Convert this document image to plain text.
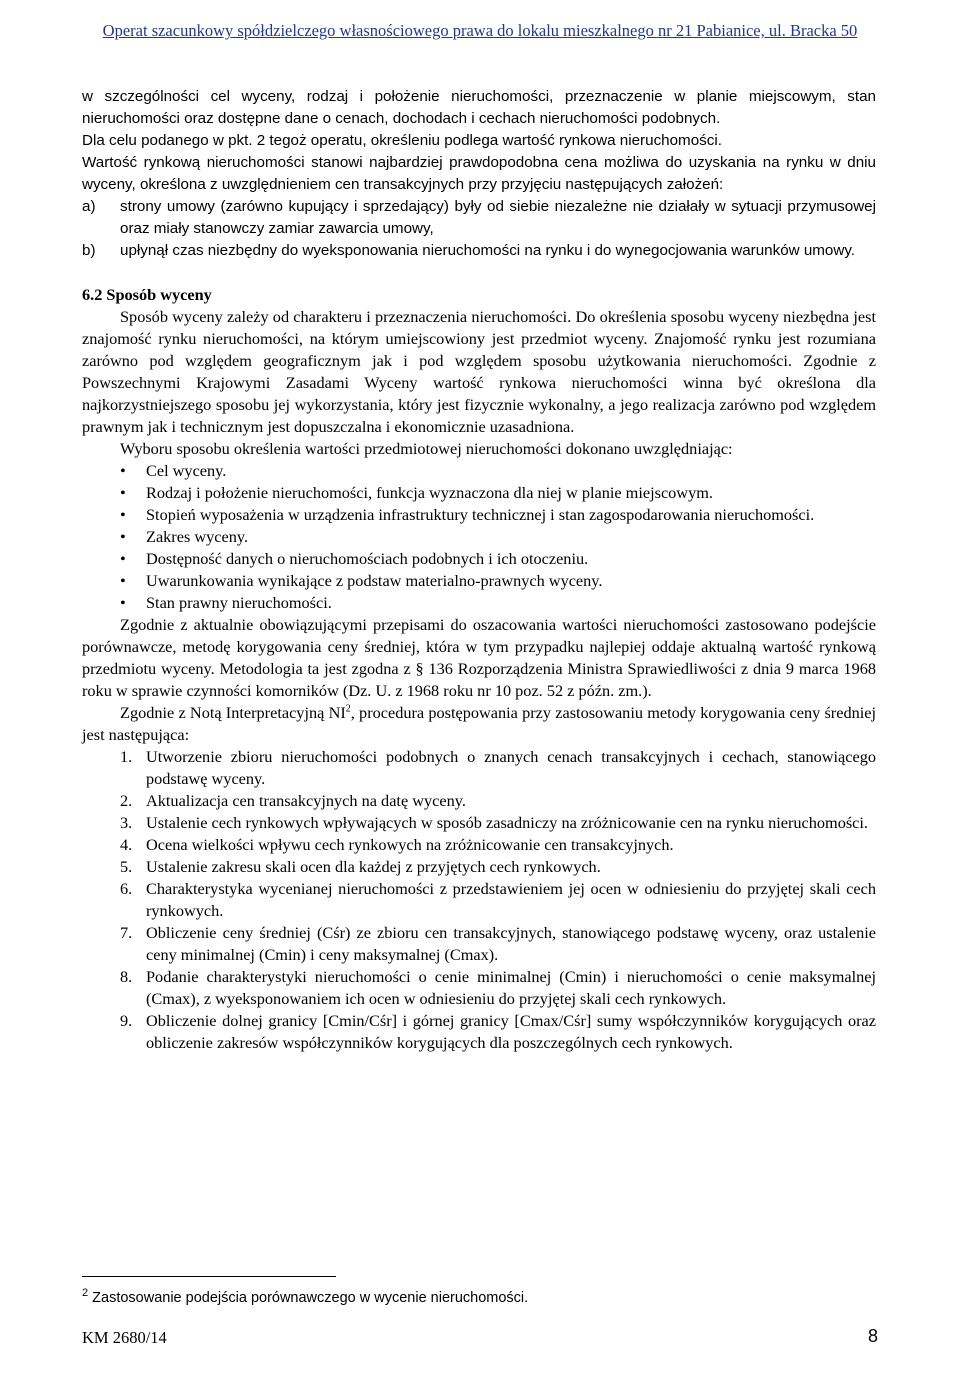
Operat szacunkowy spółdzielczego własnościowego prawa do lokalu mieszkalnego nr 21 Pabianice, ul. Bracka 50

w szczególności cel wyceny, rodzaj i położenie nieruchomości, przeznaczenie w planie miejscowym, stan nieruchomości oraz dostępne dane o cenach, dochodach i cechach nieruchomości podobnych.

Dla celu podanego w pkt. 2 tegoż operatu, określeniu podlega wartość rynkowa nieruchomości.

Wartość rynkową nieruchomości stanowi najbardziej prawdopodobna cena możliwa do uzyskania na rynku w dniu wyceny, określona z uwzględnieniem cen transakcyjnych przy przyjęciu następujących założeń:

a)	strony umowy (zarówno kupujący i sprzedający) były od siebie niezależne nie działały w sytuacji przymusowej oraz miały stanowczy zamiar zawarcia umowy,
b)	upłynął czas niezbędny do wyeksponowania nieruchomości na rynku i do wynegocjowania warunków umowy.

6.2 Sposób wyceny

Sposób wyceny zależy od charakteru i przeznaczenia nieruchomości. Do określenia sposobu wyceny niezbędna jest znajomość rynku nieruchomości, na którym umiejscowiony jest przedmiot wyceny. Znajomość rynku jest rozumiana zarówno pod względem geograficznym jak i pod względem sposobu użytkowania nieruchomości. Zgodnie z Powszechnymi Krajowymi Zasadami Wyceny wartość rynkowa nieruchomości winna być określona dla najkorzystniejszego sposobu jej wykorzystania, który jest fizycznie wykonalny, a jego realizacja zarówno pod względem prawnym jak i technicznym jest dopuszczalna i ekonomicznie uzasadniona.

Wyboru sposobu określenia wartości przedmiotowej nieruchomości dokonano uwzględniając:

•	Cel wyceny.
•	Rodzaj i położenie nieruchomości, funkcja wyznaczona dla niej w planie miejscowym.
•	Stopień wyposażenia w urządzenia infrastruktury technicznej i stan zagospodarowania nieruchomości.
•	Zakres wyceny.
•	Dostępność danych o nieruchomościach podobnych i ich otoczeniu.
•	Uwarunkowania wynikające z podstaw materialno-prawnych wyceny.
•	Stan prawny nieruchomości.

Zgodnie z aktualnie obowiązującymi przepisami do oszacowania wartości nieruchomości zastosowano podejście porównawcze, metodę korygowania ceny średniej, która w tym przypadku najlepiej oddaje aktualną wartość rynkową przedmiotu wyceny. Metodologia ta jest zgodna z § 136 Rozporządzenia Ministra Sprawiedliwości z dnia 9 marca 1968 roku w sprawie czynności komorników (Dz. U. z 1968 roku nr 10 poz. 52 z późn. zm.).

Zgodnie z Notą Interpretacyjną $NI^2$, procedura postępowania przy zastosowaniu metody korygowania ceny średniej jest następująca:

1. Utworzenie zbioru nieruchomości podobnych o znanych cenach transakcyjnych i cechach, stanowiącego podstawę wyceny.
2. Aktualizacja cen transakcyjnych na datę wyceny.
3. Ustalenie cech rynkowych wpływających w sposób zasadniczy na zróżnicowanie cen na rynku nieruchomości.
4. Ocena wielkości wpływu cech rynkowych na zróżnicowanie cen transakcyjnych.
5. Ustalenie zakresu skali ocen dla każdej z przyjętych cech rynkowych.
6. Charakterystyka wycenianej nieruchomości z przedstawieniem jej ocen w odniesieniu do przyjętej skali cech rynkowych.
7. Obliczenie ceny średniej (Cśr) ze zbioru cen transakcyjnych, stanowiącego podstawę wyceny, oraz ustalenie ceny minimalnej (Cmin) i ceny maksymalnej (Cmax).
8. Podanie charakterystyki nieruchomości o cenie minimalnej (Cmin) i nieruchomości o cenie maksymalnej (Cmax), z wyeksponowaniem ich ocen w odniesieniu do przyjętej skali cech rynkowych.
9. Obliczenie dolnej granicy [Cmin/Cśr] i górnej granicy [Cmax/Cśr] sumy współczynników korygujących oraz obliczenie zakresów współczynników korygujących dla poszczególnych cech rynkowych.
$^2$ Zastosowanie podejścia porównawczego w wycenie nieruchomości.
KM 2680/14	8
